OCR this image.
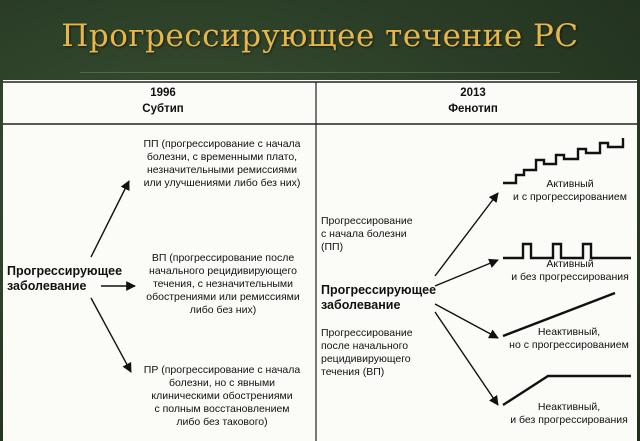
Прогрессирующее течение РС
1996
Субтип
2013
Фенотип
Прогрессирующее
заболевание
ПП (прогрессирование с начала
болезни, с временными плато,
незначительными ремиссиями
или улучшениями либо без них)
ВП (прогрессирование после
начального рецидивирующего
течения, с незначительными
обострениями или ремиссиями
либо без них)
ПР (прогрессирование с начала
болезни, но с явными
клиническими обострениями
с полным восстановлением
либо без такового)
Прогрессирование
с начала болезни
(ПП)
Прогрессирующее
заболевание
Прогрессирование
после начального
рецидивирующего
течения (ВП)
Активный
и с прогрессированием
Активный
и без прогрессирования
Неактивный,
но с прогрессированием
Неактивный,
и без прогрессирования
